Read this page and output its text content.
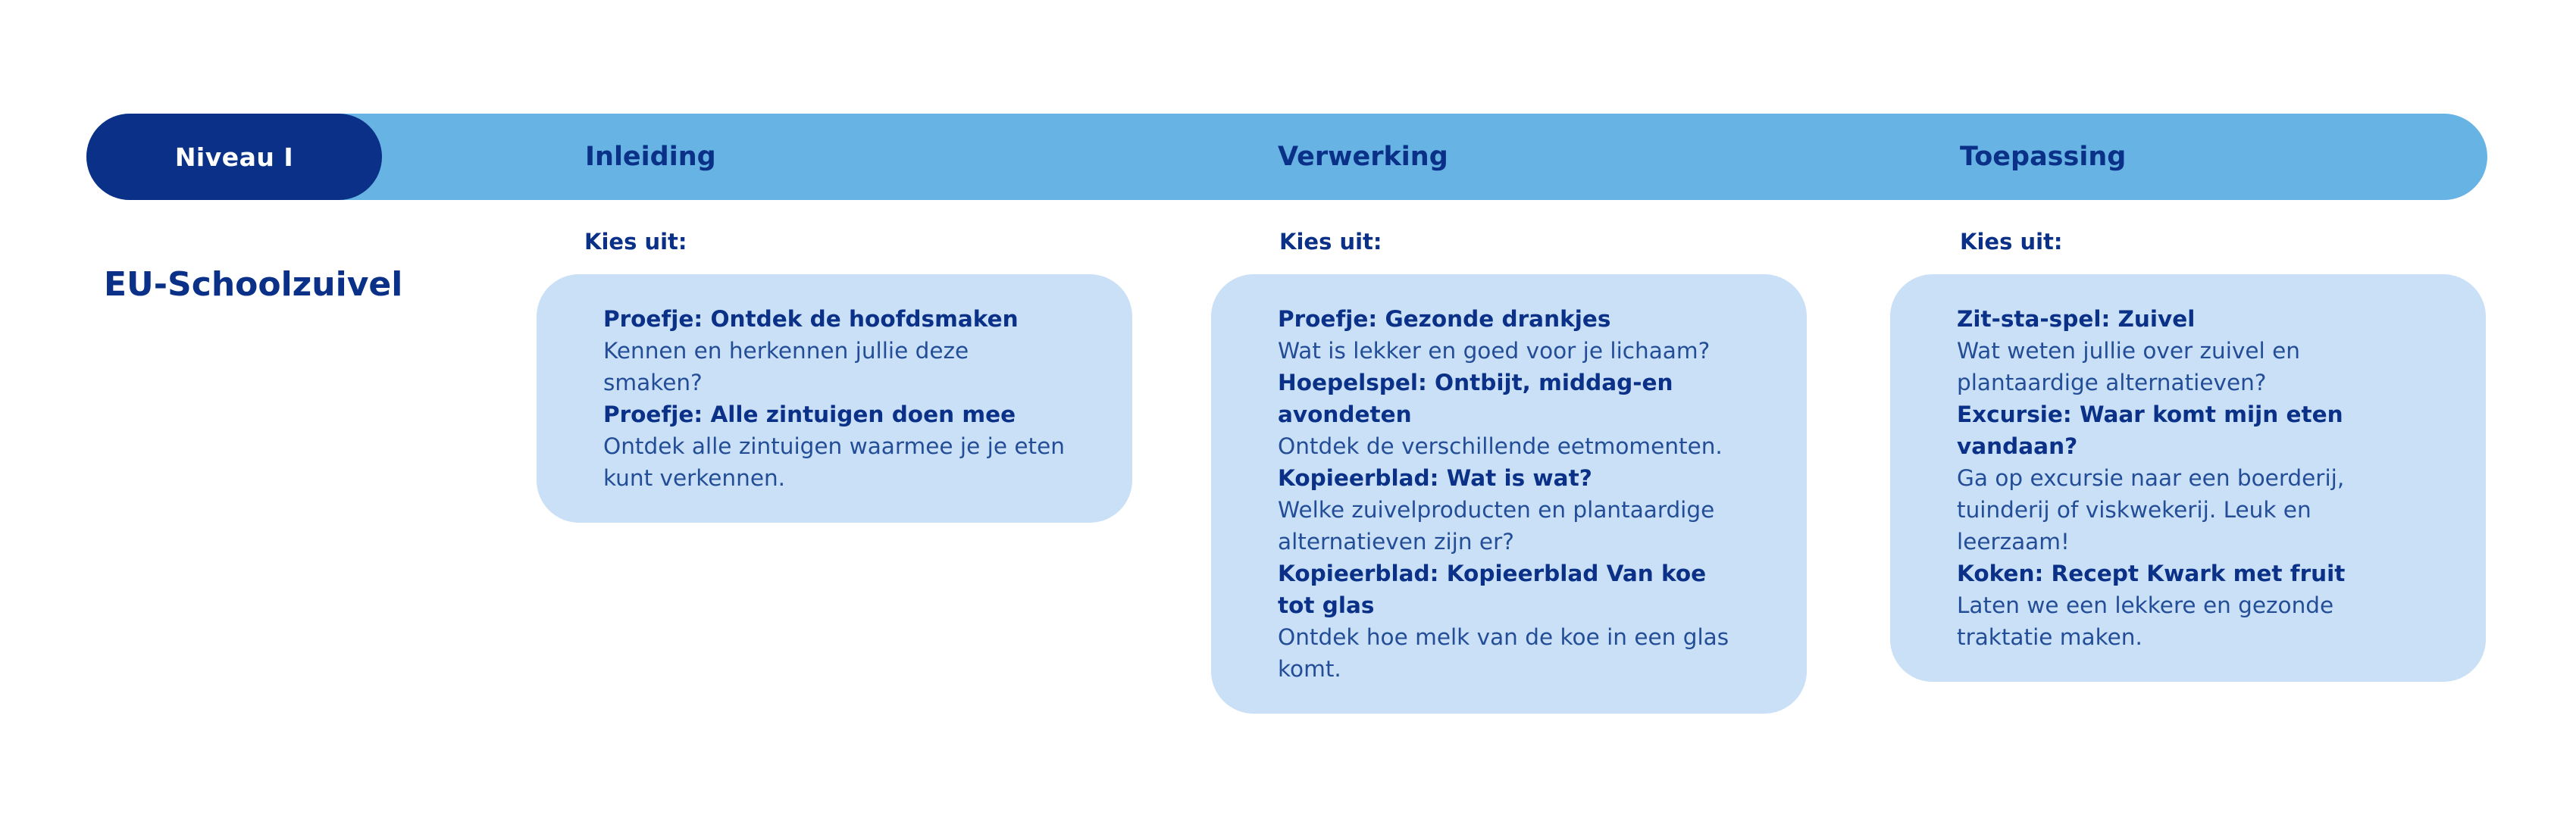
Niveau I	Inleiding	Verwerking	Toepassing
EU-Schoolzuivel
Kies uit:	Kies uit:	Kies uit:
Proefje: Ontdek de hoofdsmaken
Kennen en herkennen jullie deze smaken?
Proefje: Alle zintuigen doen mee
Ontdek alle zintuigen waarmee je je eten kunt verkennen.
Proefje: Gezonde drankjes
Wat is lekker en goed voor je lichaam?
Hoepelspel: Ontbijt, middag-en avondeten
Ontdek de verschillende eetmomenten.
Kopieerblad: Wat is wat?
Welke zuivelproducten en plantaardige alternatieven zijn er?
Kopieerblad: Kopieerblad Van koe tot glas
Ontdek hoe melk van de koe in een glas komt.
Zit-sta-spel: Zuivel
Wat weten jullie over zuivel en plantaardige alternatieven?
Excursie: Waar komt mijn eten vandaan?
Ga op excursie naar een boerderij, tuinderij of viskwekerij. Leuk en leerzaam!
Koken: Recept Kwark met fruit
Laten we een lekkere en gezonde traktatie maken.
